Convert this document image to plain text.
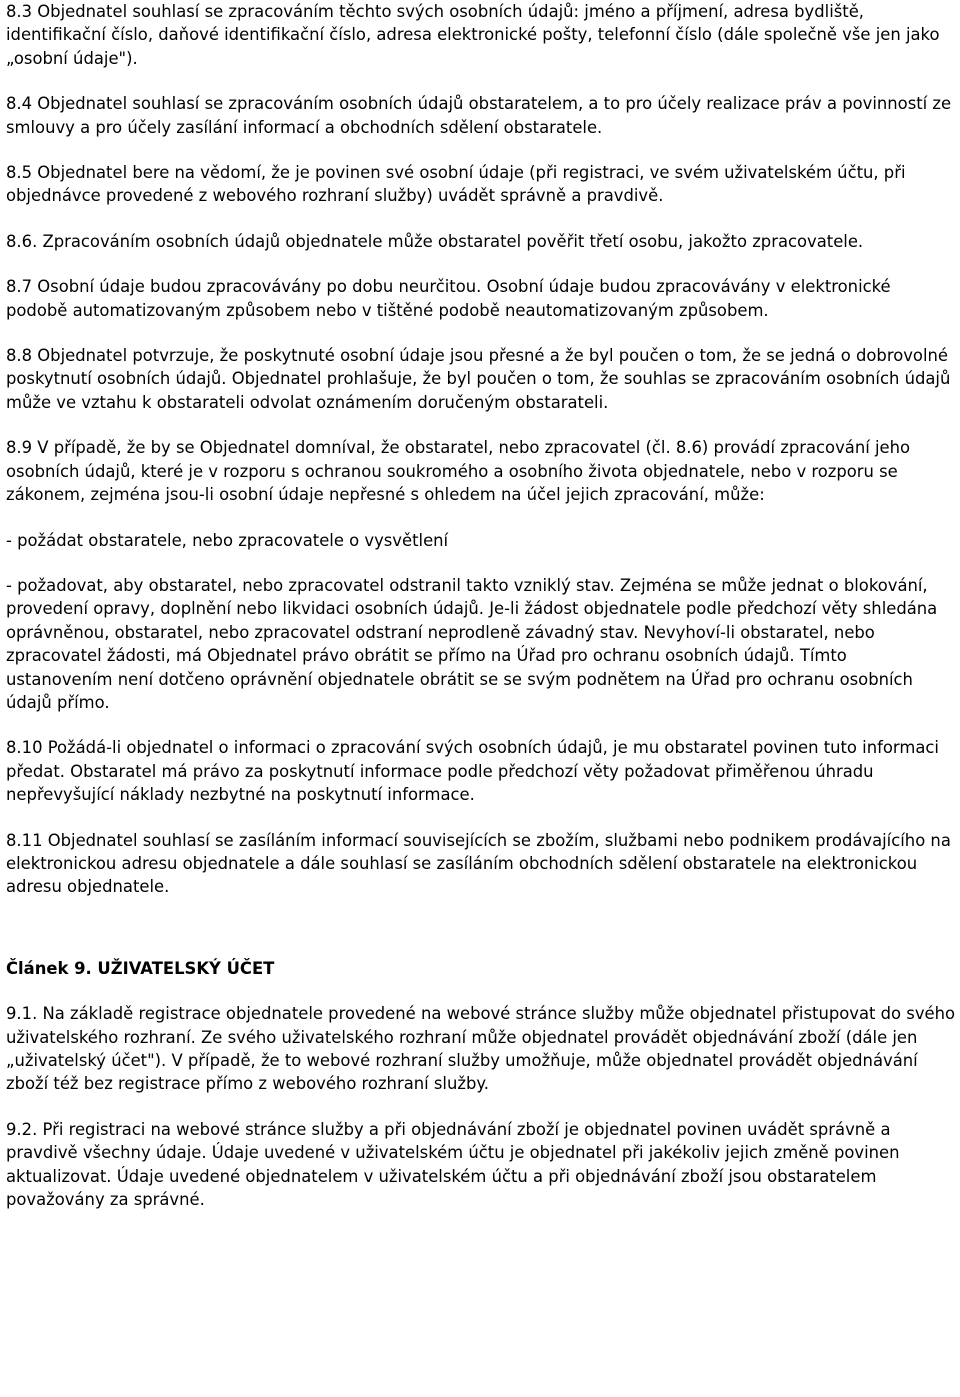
8.3 Objednatel souhlasí se zpracováním těchto svých osobních údajů: jméno a příjmení, adresa bydliště, identifikační číslo, daňové identifikační číslo, adresa elektronické pošty, telefonní číslo (dále společně vše jen jako „osobní údaje").

8.4 Objednatel souhlasí se zpracováním osobních údajů obstaratelem, a to pro účely realizace práv a povinností ze smlouvy a pro účely zasílání informací a obchodních sdělení obstaratele.

8.5 Objednatel bere na vědomí, že je povinen své osobní údaje (při registraci, ve svém uživatelském účtu, při objednávce provedené z webového rozhraní služby) uvádět správně a pravdivě.

8.6. Zpracováním osobních údajů objednatele může obstaratel pověřit třetí osobu, jakožto zpracovatele.

8.7 Osobní údaje budou zpracovávány po dobu neurčitou. Osobní údaje budou zpracovávány v elektronické podobě automatizovaným způsobem nebo v tištěné podobě neautomatizovaným způsobem.

8.8 Objednatel potvrzuje, že poskytnuté osobní údaje jsou přesné a že byl poučen o tom, že se jedná o dobrovolné poskytnutí osobních údajů. Objednatel prohlašuje, že byl poučen o tom, že souhlas se zpracováním osobních údajů může ve vztahu k obstarateli odvolat oznámením doručeným obstarateli.

8.9 V případě, že by se Objednatel domníval, že obstaratel, nebo zpracovatel (čl. 8.6) provádí zpracování jeho osobních údajů, které je v rozporu s ochranou soukromého a osobního života objednatele, nebo v rozporu se zákonem, zejména jsou-li osobní údaje nepřesné s ohledem na účel jejich zpracování, může:

- požádat obstaratele, nebo zpracovatele o vysvětlení

- požadovat, aby obstaratel, nebo zpracovatel odstranil takto vzniklý stav. Zejména se může jednat o blokování, provedení opravy, doplnění nebo likvidaci osobních údajů. Je-li žádost objednatele podle předchozí věty shledána oprávněnou, obstaratel, nebo zpracovatel odstraní neprodleně závadný stav. Nevyhoví-li obstaratel, nebo zpracovatel žádosti, má Objednatel právo obrátit se přímo na Úřad pro ochranu osobních údajů. Tímto ustanovením není dotčeno oprávnění objednatele obrátit se se svým podnětem na Úřad pro ochranu osobních údajů přímo.

8.10 Požádá-li objednatel o informaci o zpracování svých osobních údajů, je mu obstaratel povinen tuto informaci předat. Obstaratel má právo za poskytnutí informace podle předchozí věty požadovat přiměřenou úhradu nepřevyšující náklady nezbytné na poskytnutí informace.

8.11 Objednatel souhlasí se zasíláním informací souvisejících se zbožím, službami nebo podnikem prodávajícího na elektronickou adresu objednatele a dále souhlasí se zasíláním obchodních sdělení obstaratele na elektronickou adresu objednatele.

Článek 9. UŽIVATELSKÝ ÚČET

9.1. Na základě registrace objednatele provedené na webové stránce služby může objednatel přistupovat do svého uživatelského rozhraní. Ze svého uživatelského rozhraní může objednatel provádět objednávání zboží (dále jen „uživatelský účet"). V případě, že to webové rozhraní služby umožňuje, může objednatel provádět objednávání zboží též bez registrace přímo z webového rozhraní služby.

9.2. Při registraci na webové stránce služby a při objednávání zboží je objednatel povinen uvádět správně a pravdivě všechny údaje. Údaje uvedené v uživatelském účtu je objednatel při jakékoliv jejich změně povinen aktualizovat. Údaje uvedené objednatelem v uživatelském účtu a při objednávání zboží jsou obstaratelem považovány za správné.
